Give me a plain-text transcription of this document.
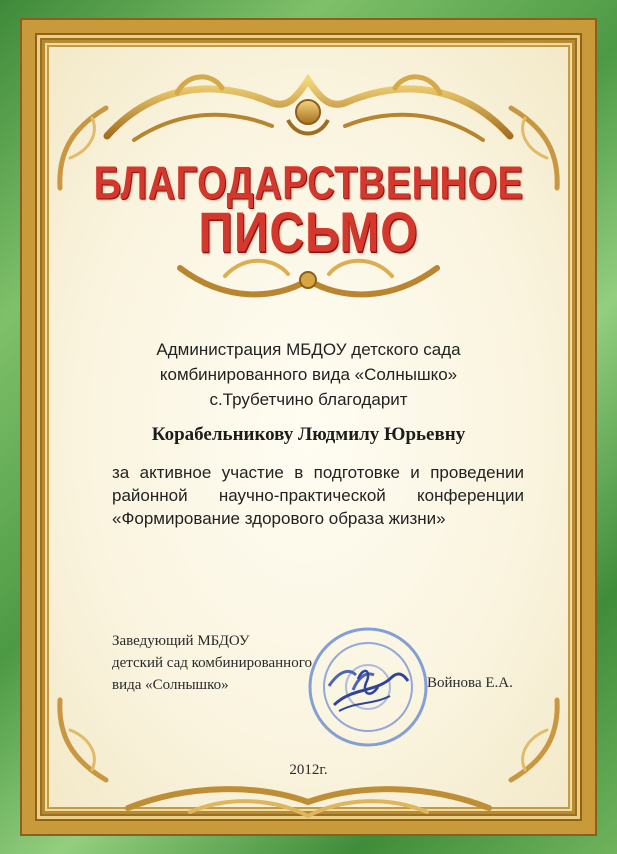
БЛАГОДАРСТВЕННОЕ
ПИСЬМО
Администрация МБДОУ детского сада
комбинированного вида «Солнышко»
с.Трубетчино благодарит
Корабельникову Людмилу Юрьевну
за активное участие в подготовке и проведении районной научно-практической конференции «Формирование здорового образа жизни»
Заведующий МБДОУ
детский сад комбинированного
вида «Солнышко»	Войнова Е.А.
2012г.
